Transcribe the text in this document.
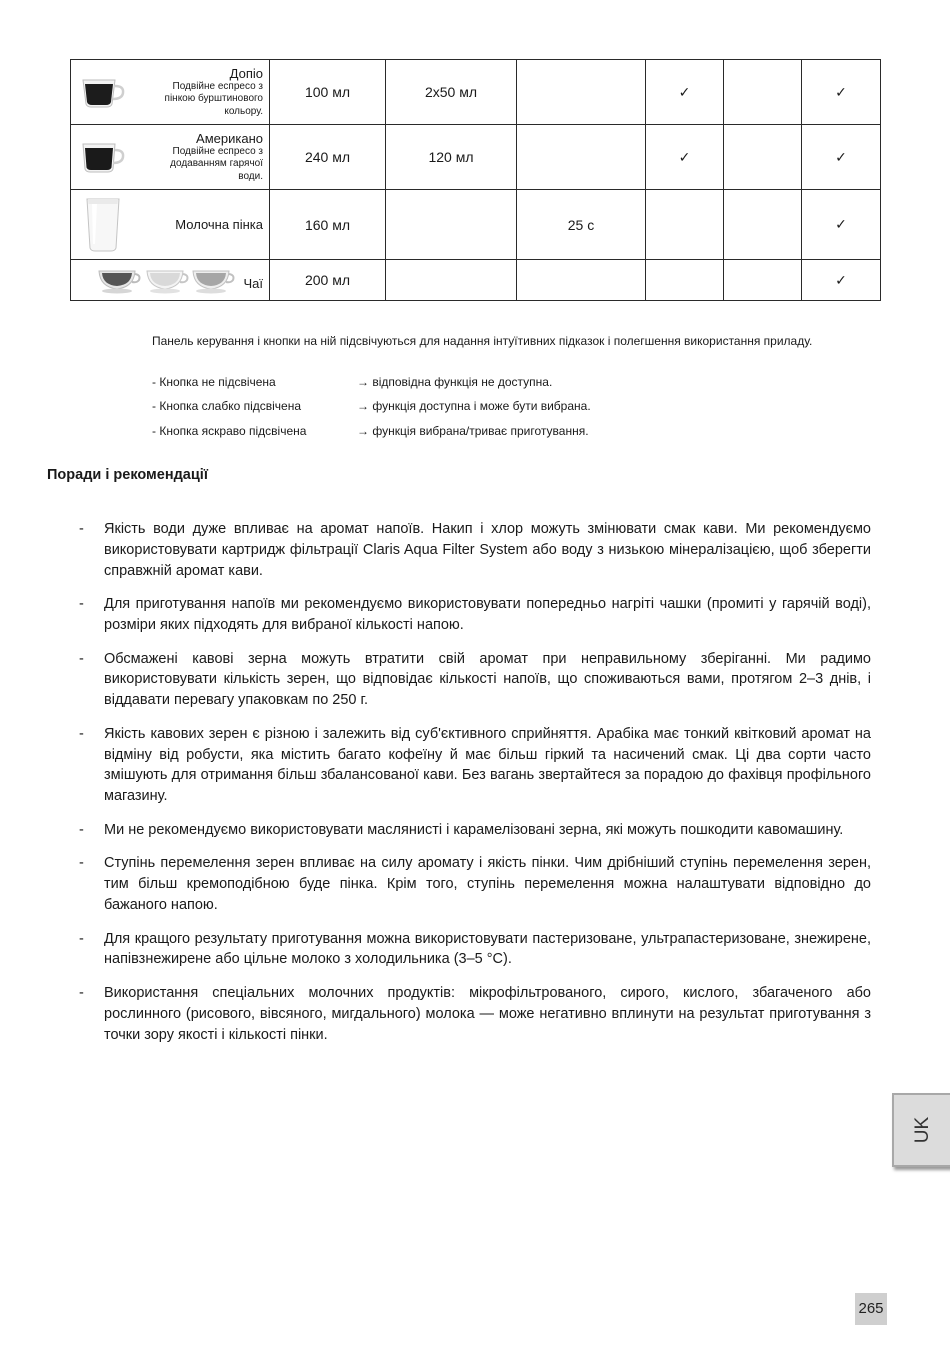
Допіо
Подвійне еспресо з пінкою бурштинового кольору.	100 мл	2x50 мл		✓		✓

Американо
Подвійне еспресо з додаванням гарячої води.	240 мл	120 мл		✓		✓

Молочна пінка	160 мл		25 с			✓

Чаї	200 мл					✓
Панель керування і кнопки на ній підсвічуються для надання інтуїтивних підказок і полегшення використання приладу.
- Кнопка не підсвічена	→ відповідна функція не доступна.
- Кнопка слабко підсвічена	→ функція доступна і може бути вибрана.
- Кнопка яскраво підсвічена	→ функція вибрана/триває приготування.
Поради і рекомендації
- Якість води дуже впливає на аромат напоїв. Накип і хлор можуть змінювати смак кави. Ми рекомендуємо використовувати картридж фільтрації Claris Aqua Filter System або воду з низькою мінералізацією, щоб зберегти справжній аромат кави.
- Для приготування напоїв ми рекомендуємо використовувати попередньо нагріті чашки (промиті у гарячій воді), розміри яких підходять для вибраної кількості напою.
- Обсмажені кавові зерна можуть втратити свій аромат при неправильному зберіганні. Ми радимо використовувати кількість зерен, що відповідає кількості напоїв, що споживаються вами, протягом 2–3 днів, і віддавати перевагу упаковкам по 250 г.
- Якість кавових зерен є різною і залежить від суб'єктивного сприйняття. Арабіка має тонкий квітковий аромат на відміну від робусти, яка містить багато кофеїну й має більш гіркий та насичений смак. Ці два сорти часто змішують для отримання більш збалансованої кави. Без вагань звертайтеся за порадою до фахівця профільного магазину.
- Ми не рекомендуємо використовувати маслянисті і карамелізовані зерна, які можуть пошкодити кавомашину.
- Ступінь перемелення зерен впливає на силу аромату і якість пінки. Чим дрібніший ступінь перемелення зерен, тим більш кремоподібною буде пінка. Крім того, ступінь перемелення можна налаштувати відповідно до бажаного напою.
- Для кращого результату приготування можна використовувати пастеризоване, ультрапастеризоване, знежирене, напівзнежирене або цільне молоко з холодильника (3–5 °C).
- Використання спеціальних молочних продуктів: мікрофільтрованого, сирого, кислого, збагаченого або рослинного (рисового, вівсяного, мигдального) молока — може негативно вплинути на результат приготування з точки зору якості і кількості пінки.
UK
265
